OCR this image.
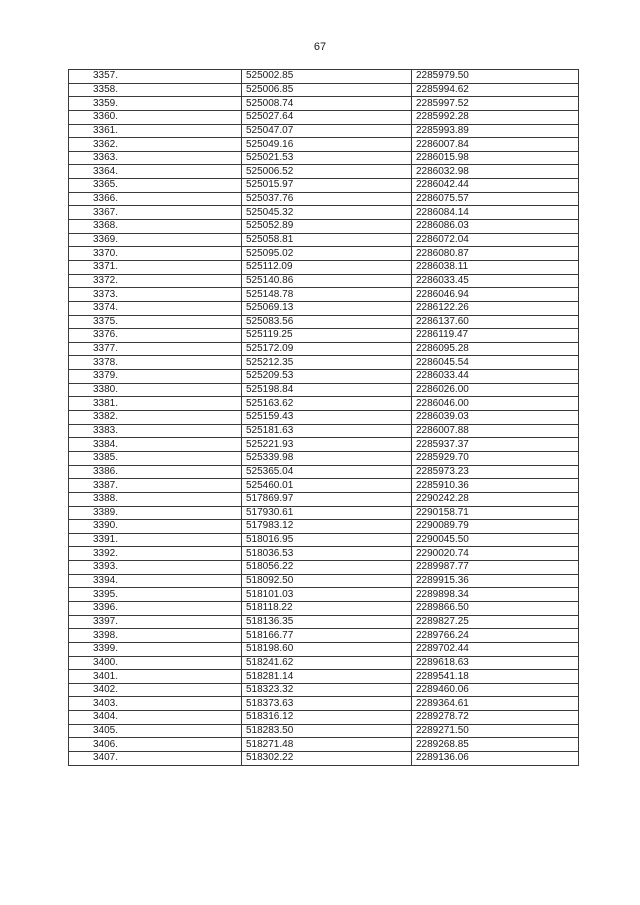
67
3357.	525002.85	2285979.50
3358.	525006.85	2285994.62
3359.	525008.74	2285997.52
3360.	525027.64	2285992.28
3361.	525047.07	2285993.89
3362.	525049.16	2286007.84
3363.	525021.53	2286015.98
3364.	525006.52	2286032.98
3365.	525015.97	2286042.44
3366.	525037.76	2286075.57
3367.	525045.32	2286084.14
3368.	525052.89	2286086.03
3369.	525058.81	2286072.04
3370.	525095.02	2286080.87
3371.	525112.09	2286038.11
3372.	525140.86	2286033.45
3373.	525148.78	2286046.94
3374.	525069.13	2286122.26
3375.	525083.56	2286137.60
3376.	525119.25	2286119.47
3377.	525172.09	2286095.28
3378.	525212.35	2286045.54
3379.	525209.53	2286033.44
3380.	525198.84	2286026.00
3381.	525163.62	2286046.00
3382.	525159.43	2286039.03
3383.	525181.63	2286007.88
3384.	525221.93	2285937.37
3385.	525339.98	2285929.70
3386.	525365.04	2285973.23
3387.	525460.01	2285910.36
3388.	517869.97	2290242.28
3389.	517930.61	2290158.71
3390.	517983.12	2290089.79
3391.	518016.95	2290045.50
3392.	518036.53	2290020.74
3393.	518056.22	2289987.77
3394.	518092.50	2289915.36
3395.	518101.03	2289898.34
3396.	518118.22	2289866.50
3397.	518136.35	2289827.25
3398.	518166.77	2289766.24
3399.	518198.60	2289702.44
3400.	518241.62	2289618.63
3401.	518281.14	2289541.18
3402.	518323.32	2289460.06
3403.	518373.63	2289364.61
3404.	518316.12	2289278.72
3405.	518283.50	2289271.50
3406.	518271.48	2289268.85
3407.	518302.22	2289136.06
